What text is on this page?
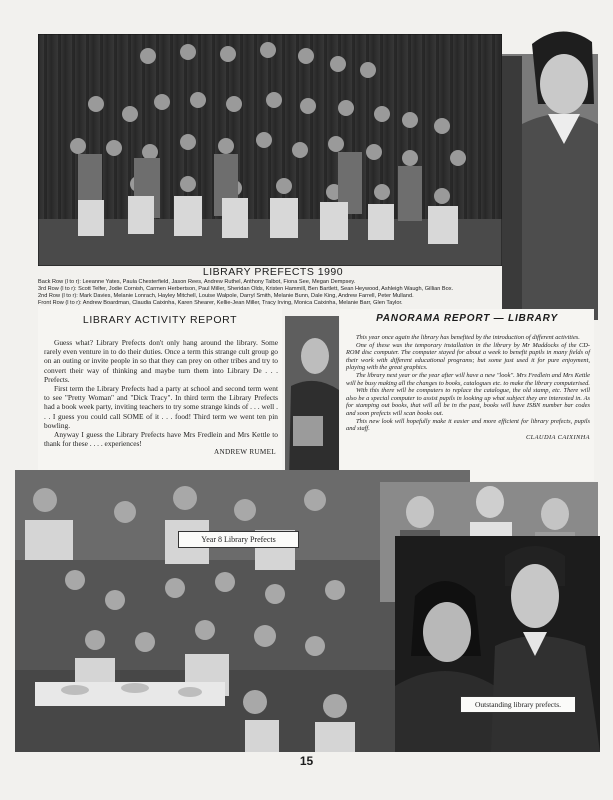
LIBRARY PREFECTS 1990
Back Row (l to r): Leeanne Yates, Paula Chesterfield, Jason Rees, Andrew Ruthel, Anthony Talbot, Fiona See, Megan Dempsey.
3rd Row (l to r): Scott Telfer, Jodie Cornish, Carmen Herbertson, Paul Miller, Sheridan Olds, Kristen Hammill, Ben Bartlett, Sean Heywood, Ashleigh Waugh, Gillian Box.
2nd Row (l to r): Mark Davies, Melanie Lonrach, Hayley Mitchell, Louise Walpole, Darryl Smith, Melanie Bunn, Dale King, Andrew Farrell, Peter Mulland.
Front Row (l to r): Andrew Boardman, Claudia Caixinha, Karen Shearer, Kellie-Jean Miller, Tracy Irving, Monica Caixinha, Melanie Barr, Glen Taylor.
LIBRARY ACTIVITY REPORT

Guess what? Library Prefects don't only hang around the library. Some rarely even venture in to do their duties. Once a term this strange cult group go on an outing or invite people in so that they can prey on other tribes and try to convert their way of thinking and maybe turn them into Library De . . . Prefects.

First term the Library Prefects had a party at school and second term went to see "Pretty Woman" and "Dick Tracy". In third term the Library Prefects had a book week party, inviting teachers to try some strange kinds of . . . well . . . I guess you could call SOME of it . . . food! Third term we went ten pin bowling.

Anyway I guess the Library Prefects have Mrs Fredlein and Mrs Kettle to thank for these . . . . experiences!

ANDREW RUMEL
PANORAMA REPORT — LIBRARY

This year once again the library has benefited by the introduction of different activities.

One of these was the temporary installation in the library by Mr Maddocks of the CD-ROM disc computer. The computer stayed for about a week to benefit pupils in many fields of their work with different educational programs; but some just used it for pure enjoyment, playing with the great graphics.

The library next year or the year after will have a new "look". Mrs Fredlein and Mrs Kettle will be busy making all the changes to books, catalogues etc. to make the library computerised.

With this there will be computers to replace the catalogue, the old stamp, etc. There will also be a special computer to assist pupils in looking up what subject they are interested in. As for stamping out books, that will all be in the past, books will have ISBN number bar codes and soon prefects will scan books out.

This new look will hopefully make it easier and more efficient for library prefects, pupils and staff.

CLAUDIA CAIXINHA
Year 8 Library Prefects
Outstanding library prefects.
15
